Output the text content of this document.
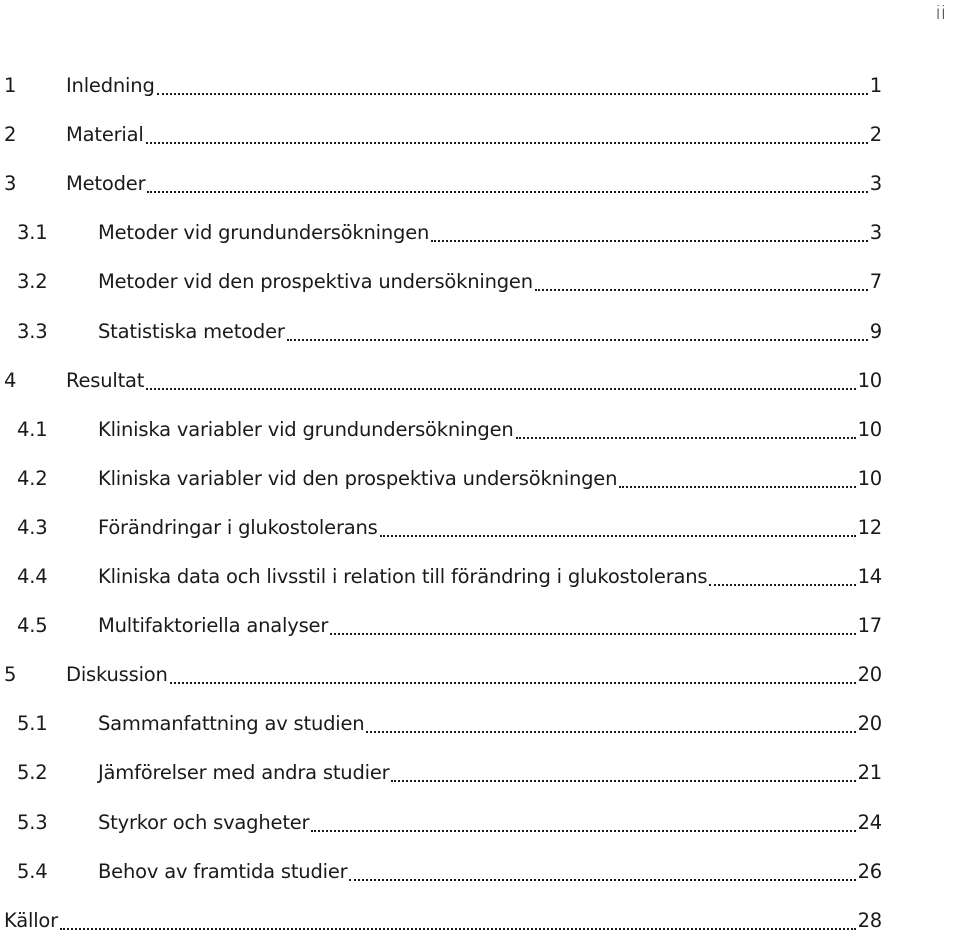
ii
1	Inledning	1
2	Material	2
3	Metoder	3
3.1	Metoder vid grundundersökningen	3
3.2	Metoder vid den prospektiva undersökningen	7
3.3	Statistiska metoder	9
4	Resultat	10
4.1	Kliniska variabler vid grundundersökningen	10
4.2	Kliniska variabler vid den prospektiva undersökningen	10
4.3	Förändringar i glukostolerans	12
4.4	Kliniska data och livsstil i relation till förändring i glukostolerans	14
4.5	Multifaktoriella analyser	17
5	Diskussion	20
5.1	Sammanfattning av studien	20
5.2	Jämförelser med andra studier	21
5.3	Styrkor och svagheter	24
5.4	Behov av framtida studier	26
Källor	28
